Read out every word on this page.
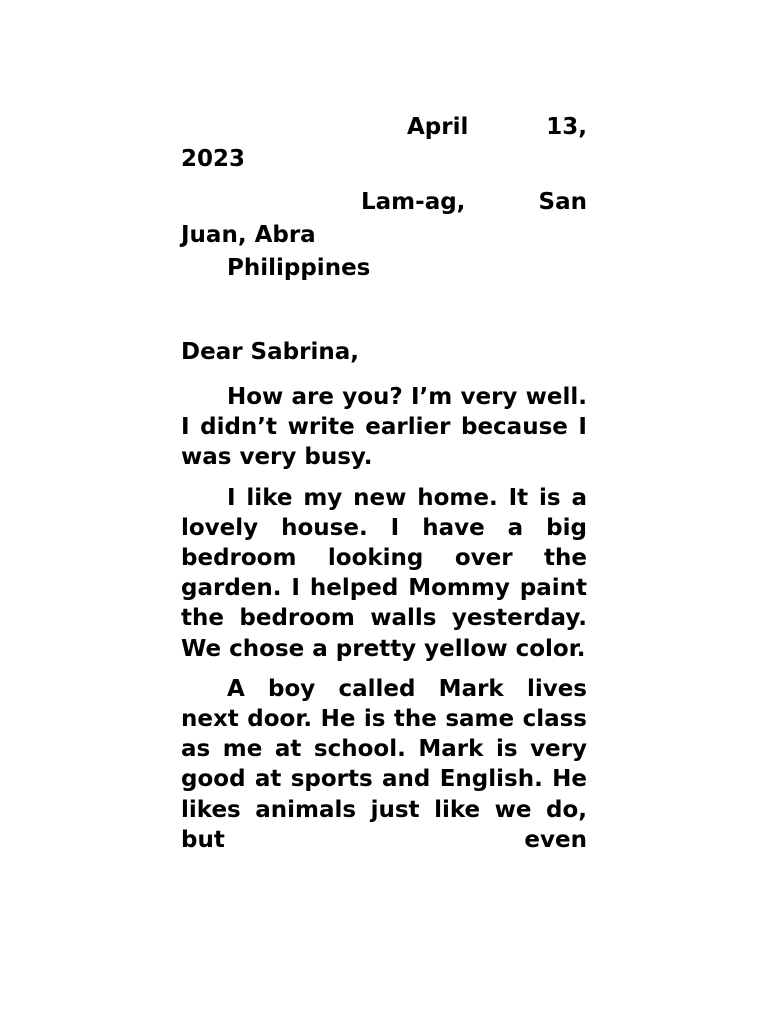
April	13,
2023
Lam-ag,	San
Juan, Abra
Philippines
Dear Sabrina,

How are you? I’m very well. I didn’t write earlier because I was very busy.

I like my new home. It is a lovely house. I have a big bedroom looking over the garden. I helped Mommy paint the bedroom walls yesterday. We chose a pretty yellow color.

A boy called Mark lives next door. He is the same class as me at school. Mark is very good at sports and English. He likes animals just like we do, but even
